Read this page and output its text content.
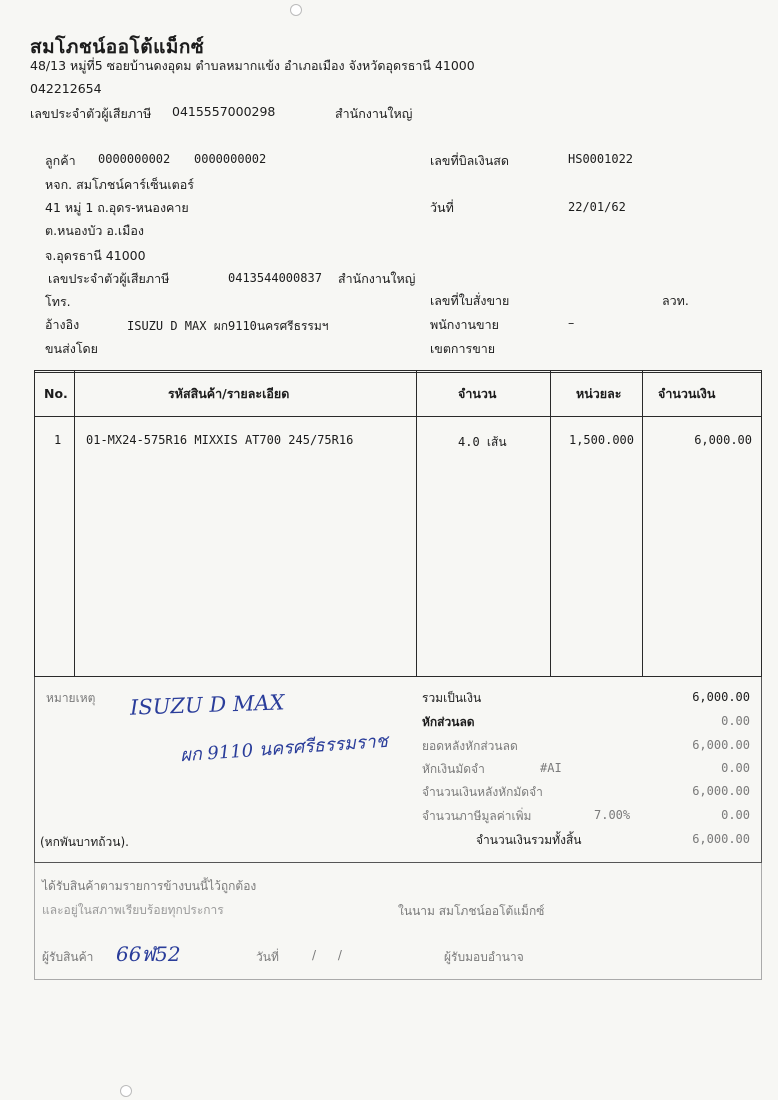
สมโภชน์ออโต้แม็กซ์
48/13 หมู่ที่5 ซอยบ้านดงอุดม ตำบลหมากแข้ง อำเภอเมือง จังหวัดอุดรธานี 41000
042212654
เลขประจำตัวผู้เสียภาษี 0415557000298	สำนักงานใหญ่
ลูกค้า 0000000002 0000000002
หจก. สมโภชน์คาร์เซ็นเตอร์
41 หมู่ 1 ถ.อุดร-หนองคาย
ต.หนองบัว อ.เมือง
จ.อุดรธานี 41000
เลขประจำตัวผู้เสียภาษี	0413544000837 สำนักงานใหญ่
โทร.
อ้างอิง	ISUZU D MAX ผก9110นครศรีธรรมฯ
ขนส่งโดย
เลขที่บิลเงินสด	HS0001022
วันที่	22/01/62
เลขที่ใบสั่งขาย	ลวท.
พนักงานขาย	–
เขตการขาย
No.	รหัสสินค้า/รายละเอียด	จำนวน	หน่วยละ	จำนวนเงิน
1 01-MX24-575R16 MIXXIS AT700 245/75R16	4.0 เส้น	1,500.000	6,000.00
หมายเหตุ ISUZU D MAX
ผก 9110 นครศรีธรรมราช
(หกพันบาทถ้วน).
รวมเป็นเงิน	6,000.00
หักส่วนลด	0.00
ยอดหลังหักส่วนลด	6,000.00
หักเงินมัดจำ	#AI	0.00
จำนวนเงินหลังหักมัดจำ	6,000.00
จำนวนภาษีมูลค่าเพิ่ม	7.00%	0.00
จำนวนเงินรวมทั้งสิ้น	6,000.00
ได้รับสินค้าตามรายการข้างบนนี้ไว้ถูกต้อง
และอยู่ในสภาพเรียบร้อยทุกประการ	ในนาม สมโภชน์ออโต้แม็กซ์
ผู้รับสินค้า 66ฬ52	วันที่	/ /	ผู้รับมอบอำนาจ
